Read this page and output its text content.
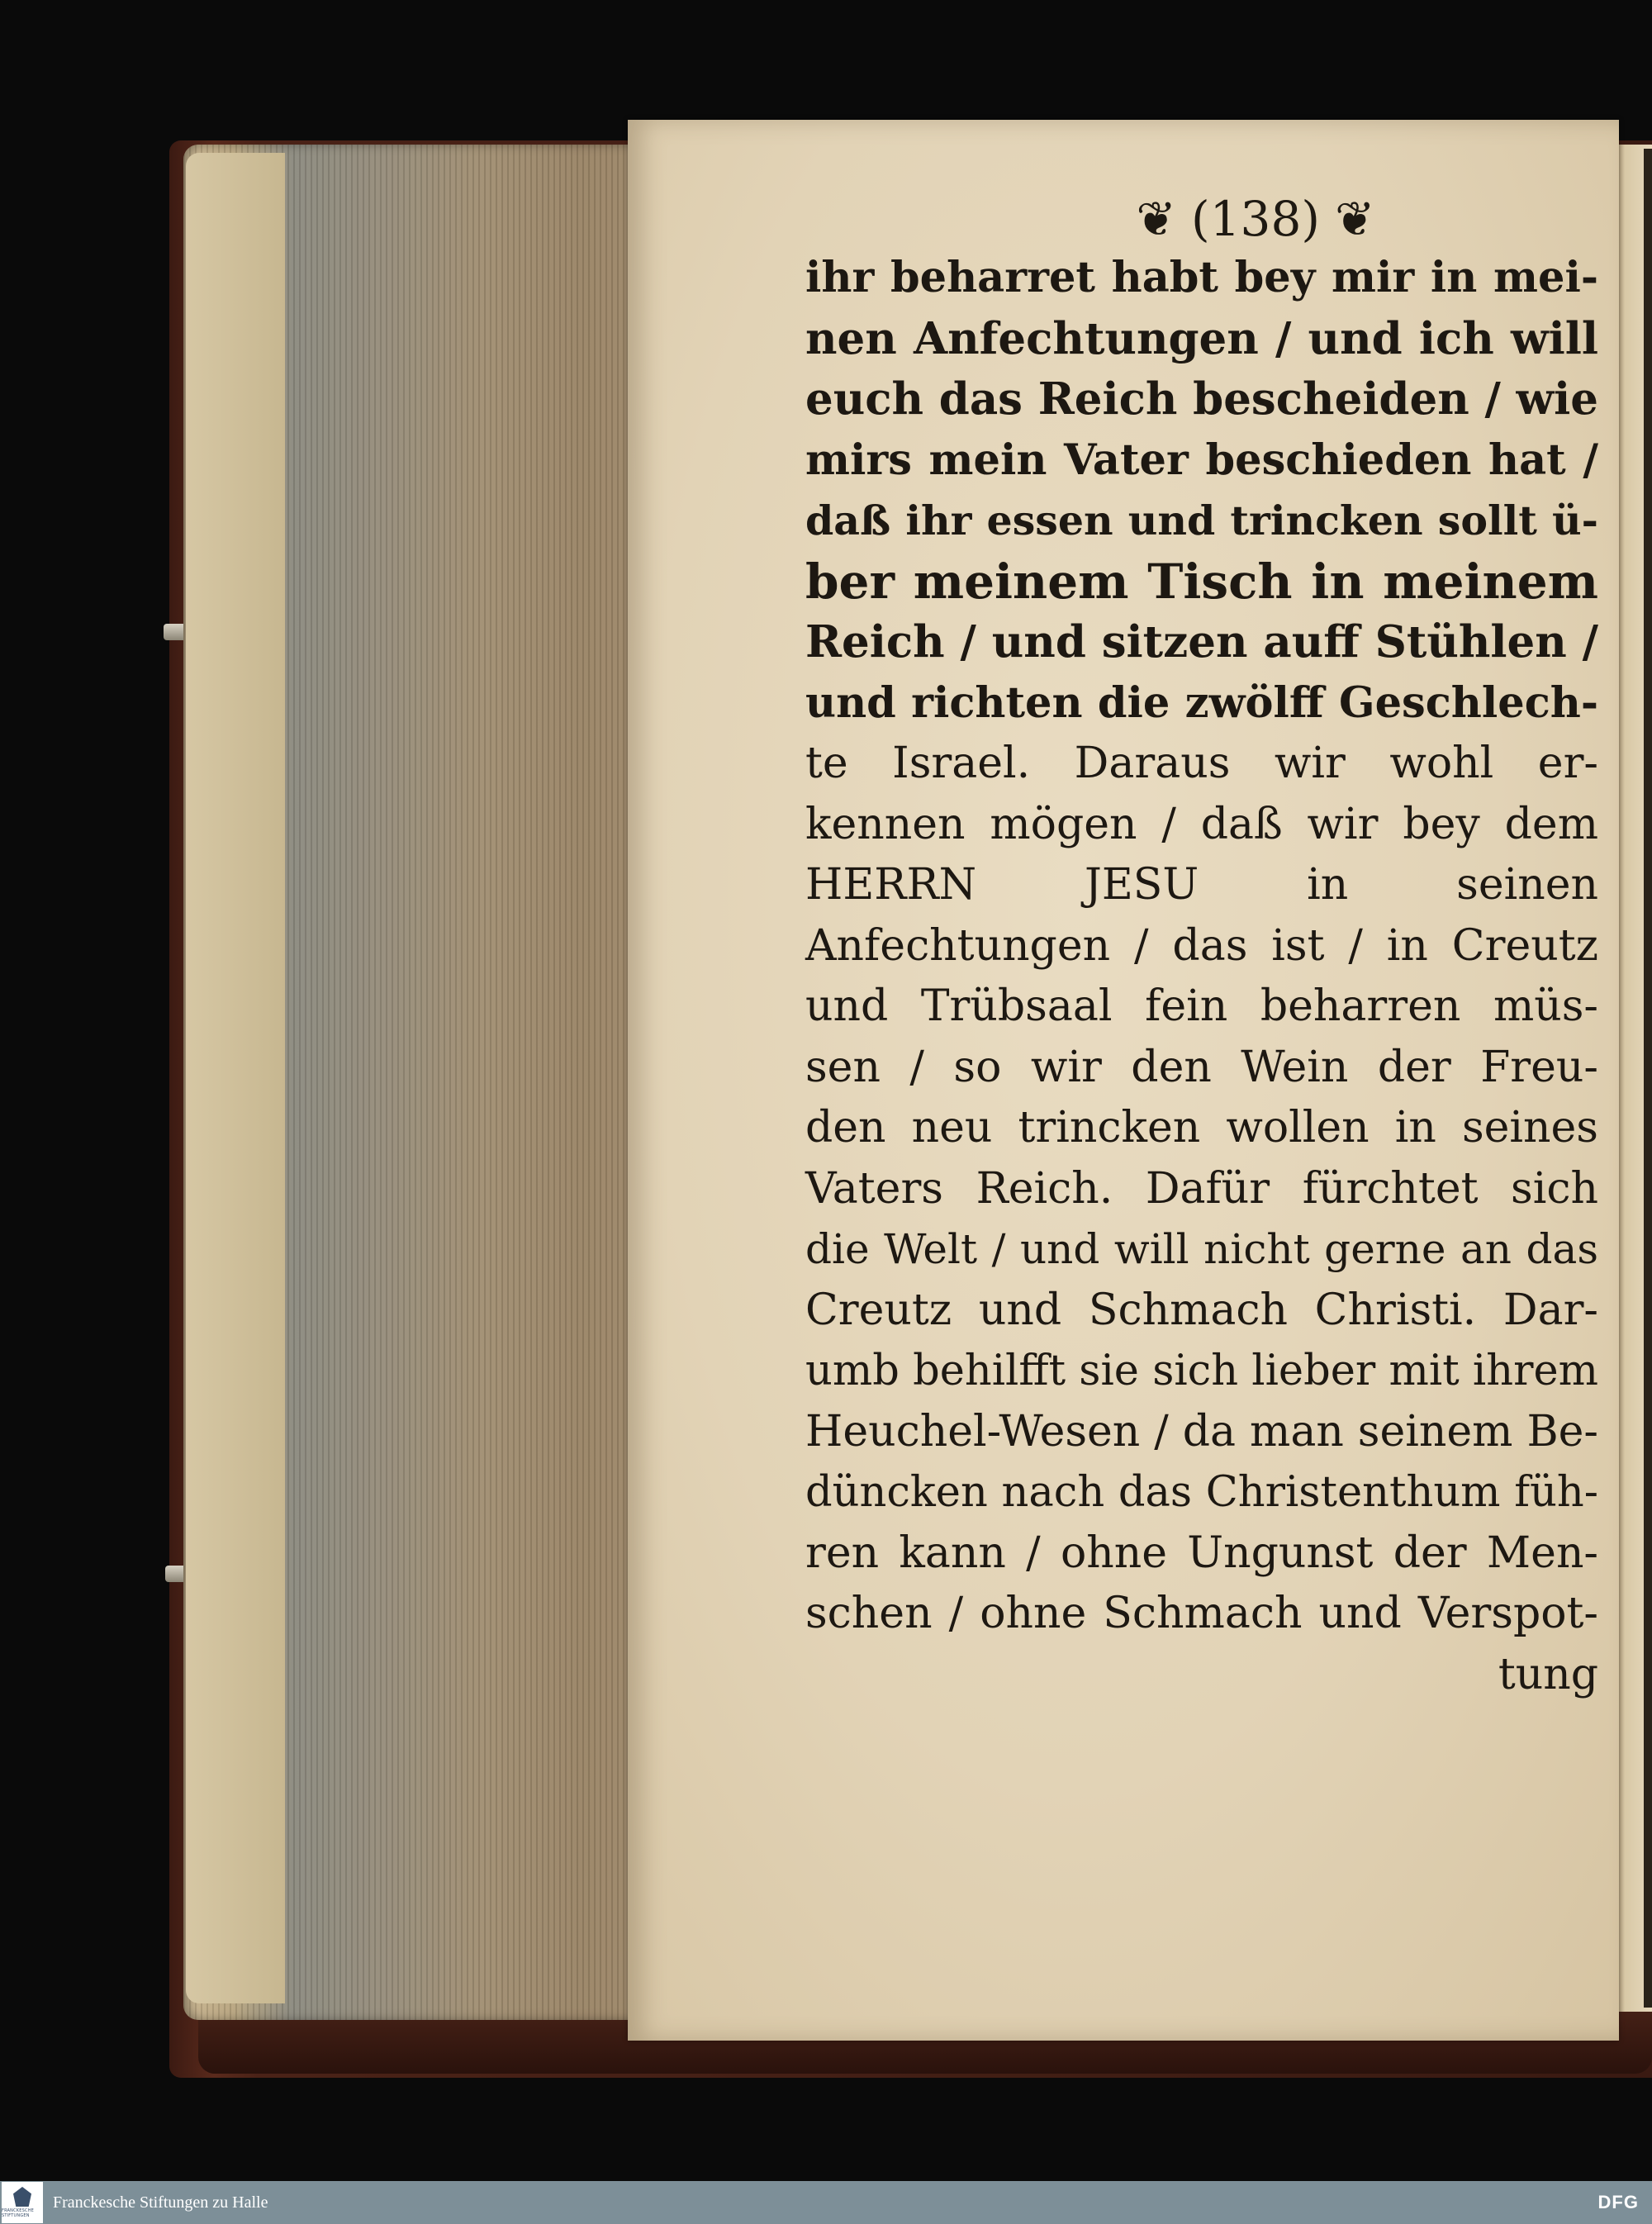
❦ (138) ❦
ihr beharret habt bey mir in mei-
nen Anfechtungen / und ich will
euch das Reich bescheiden / wie
mirs mein Vater beschieden hat /
daß ihr essen und trincken sollt ü-
ber meinem Tisch in meinem
Reich / und sitzen auff Stühlen /
und richten die zwölff Geschlech-
te Israel. Daraus wir wohl er-
kennen mögen / daß wir bey dem
HERRN JESU in seinen
Anfechtungen / das ist / in Creutz
und Trübsaal fein beharren müs-
sen / so wir den Wein der Freu-
den neu trincken wollen in seines
Vaters Reich. Dafür fürchtet sich
die Welt / und will nicht gerne an das
Creutz und Schmach Christi. Dar-
umb behilfft sie sich lieber mit ihrem
Heuchel-Wesen / da man seinem Be-
düncken nach das Christenthum füh-
ren kann / ohne Ungunst der Men-
schen / ohne Schmach und Verspot-
tung
FRANCKESCHE STIFTUNGEN
Franckesche Stiftungen zu Halle	DFG
